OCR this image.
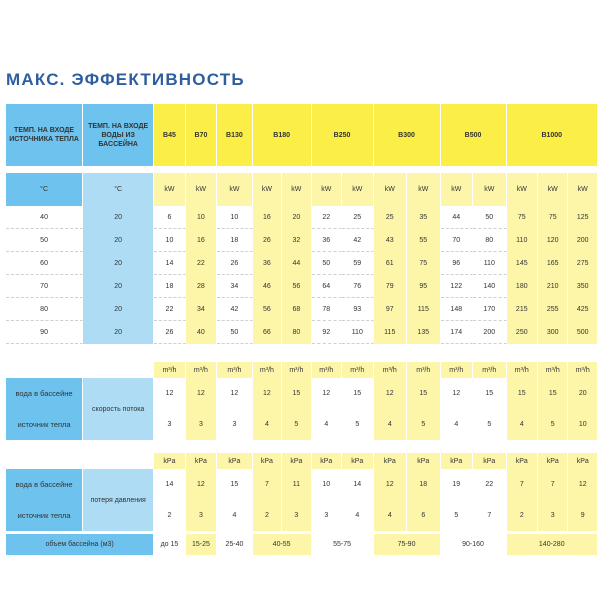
МАКС. ЭФФЕКТИВНОСТЬ
ТЕМП. НА ВХОДЕ ИСТОЧНИКА ТЕПЛА	ТЕМП. НА ВХОДЕ ВОДЫ ИЗ БАССЕЙНА	B45	B70	B130	B180		B250		B300		B500		B1000		

°C	°C	kW	kW	kW	kW	kW	kW	kW	kW	kW	kW	kW	kW	kW	kW
40	20	6	10	10	16	20	22	25	25	35	44	50	75	75	125
50	20	10	16	18	26	32	36	42	43	55	70	80	110	120	200
60	20	14	22	26	36	44	50	59	61	75	96	110	145	165	275
70	20	18	28	34	46	56	64	76	79	95	122	140	180	210	350
80	20	22	34	42	56	68	78	93	97	115	148	170	215	255	425
90	20	26	40	50	66	80	92	110	115	135	174	200	250	300	500

		m³/h	m³/h	m³/h	m³/h	m³/h	m³/h	m³/h	m³/h	m³/h	m³/h	m³/h	m³/h	m³/h	m³/h
вода в бассейне	скорость потока	12	12	12	12	15	12	15	12	15	12	15	15	15	20
источник тепла		3	3	3	4	5	4	5	4	5	4	5	4	5	10

		kPa	kPa	kPa	kPa	kPa	kPa	kPa	kPa	kPa	kPa	kPa	kPa	kPa	kPa
вода в бассейне	потеря давления	14	12	15	7	11	10	14	12	18	19	22	7	7	12
источник тепла		2	3	4	2	3	3	4	4	6	5	7	2	3	9

объем бассейна (м3)		до 15	15-25	25-40	40-55		55-75		75-90		90-160		140-280		
